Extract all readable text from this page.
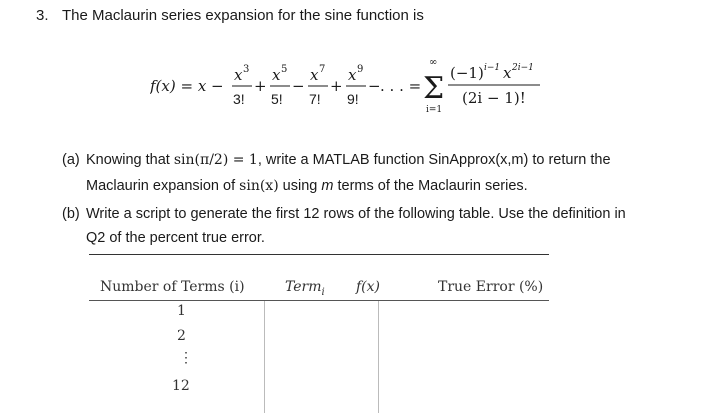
3. The Maclaurin series expansion for the sine function is
f(x) = x −
x 3
3!
+
x 5
5!
−
x 7
7!
+
x 9
9!
− . . . =
∞
Σ
i=1
(−1) i−1 x 2i−1
(2i − 1)!
(a) Knowing that sin(π/2) = 1, write a MATLAB function SinApprox(x,m) to return the
Maclaurin expansion of sin(x) using m terms of the Maclaurin series.
(b) Write a script to generate the first 12 rows of the following table. Use the definition in
Q2 of the percent true error.
Number of Terms (i)	Term$_i$ f(x)	True Error (%)
1
2
⋮
12
